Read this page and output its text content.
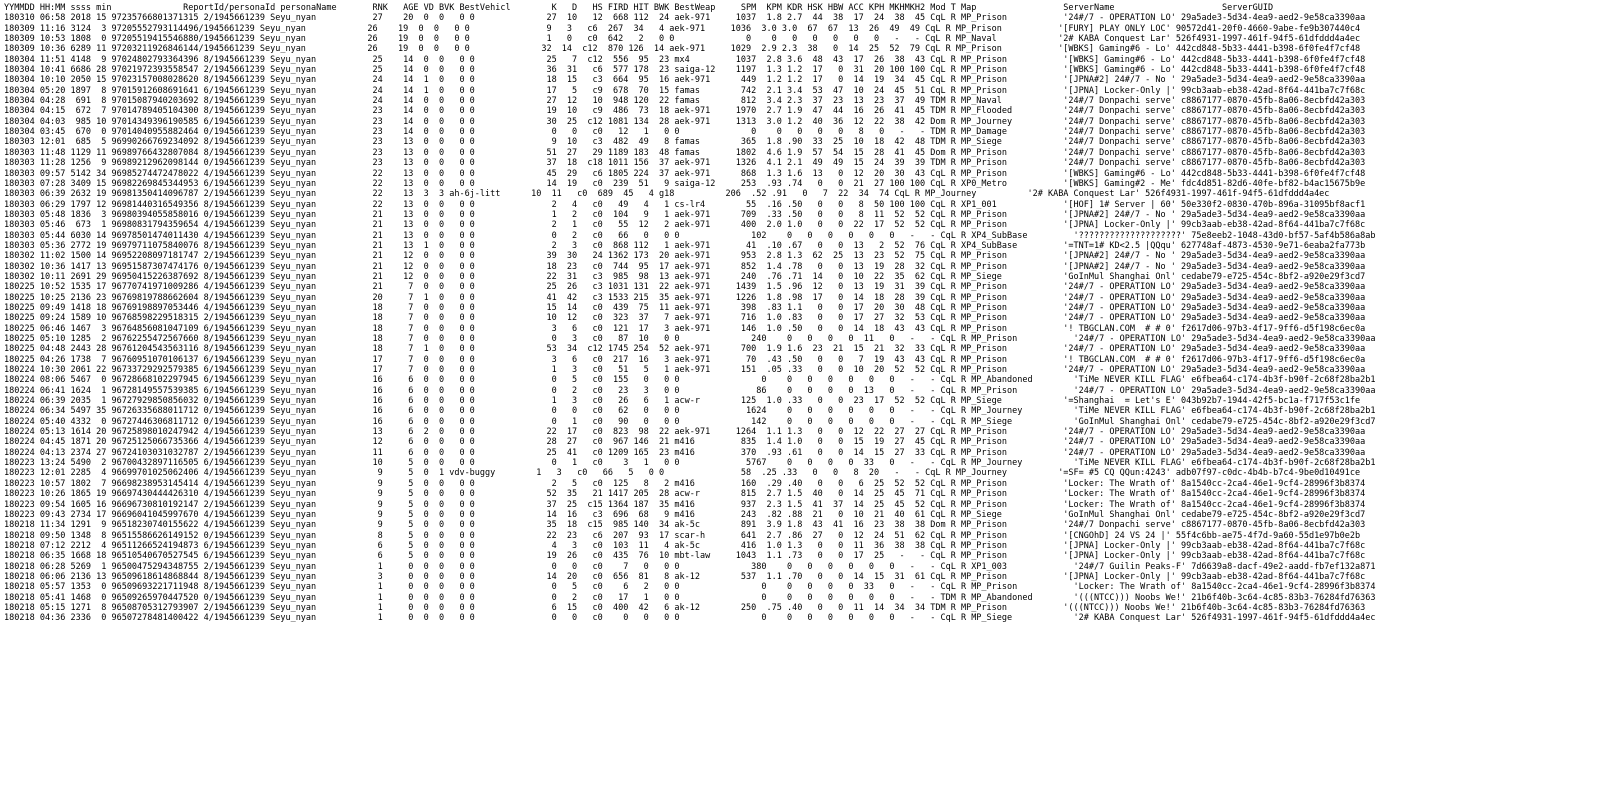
YYMMDD HH:MM ssss min              ReportId/personaId personaName       RNK   AGE VD BVK BestVehicl        K   D   HS FIRD HIT BWK BestWeap     SPM  KPM KDR HSK HBW ACC KPH MKHMKH2 Mod T Map                 ServerName                     ServerGUID
180310 06:58 2018 15 97235766801371315 2/1945661239 Seyu_nyan           27    20  0  0   0 0              27  10   12  668 112  24 aek-971     1037  1.8 2.7  44  38  17  24  38  45 CqL R MP_Prison           '24#/7 - OPERATION LO' 29a5ade3-5d34-4ea9-aed2-9e58ca3390aa
180309 11:16 3124  3 97205552793114496/1945661239 Seyu_nyan            26    19  0  0   0 0               9   3   c6  267  34   4 aek-971     1036  3.0 3.0  67  67  13  26  49  49 CqL R MP_Prison           '[FURY] PLAY ONLY LOC' 90572d41-20f0-4660-9abe-fe9b307440c4
180309 10:53 1808  0 97205519415546880/1945661239 Seyu_nyan            26    19  0  0   0 0               1   0   c0  642   2   0 0              0    0   0   0   0   0   0   -   - CqL R MP_Naval            '2# KABA Conquest Lar' 526f4931-1997-461f-94f5-61dfddd4a4ec
180309 10:36 6289 11 97203211926846144/1945661239 Seyu_nyan            26    19  0  0   0 0              32  14  c12  870 126  14 aek-971     1029  2.9 2.3  38   0  14  25  52  79 CqL R MP_Prison           '[WBKS] Gaming#6 - Lo' 442cd848-5b33-4441-b398-6f0fe4f7cf48
180304 11:51 4148  9 97024802793364396 8/1945661239 Seyu_nyan           25    14  0  0   0 0              25   7  c12  556  95  23 mx4         1037  2.8 3.6  48  43  17  26  38  43 CqL R MP_Prison           '[WBKS] Gaming#6 - Lo' 442cd848-5b33-4441-b398-6f0fe4f7cf48
180304 10:41 6686 28 97021972393558547 2/1945661239 Seyu_nyan           25    14  0  0   0 0              36  31   c6  577 178  23 saiga-12    1197  1.3 1.2  17   0  31  20 100 100 CqL R MP_Prison           '[WBKS] Gaming#6 - Lo' 442cd848-5b33-4441-b398-6f0fe4f7cf48
180304 10:10 2050 15 97023157008028620 8/1945661239 Seyu_nyan           24    14  1  0   0 0              18  15   c3  664  95  16 aek-971      449  1.2 1.2  17   0  14  19  34  45 CqL R MP_Prison           '[JPNA#2] 24#/7 - No ' 29a5ade3-5d34-4ea9-aed2-9e58ca3390aa
180304 05:20 1897  8 97015912608691641 6/1945661239 Seyu_nyan           24    14  1  0   0 0              17   5   c9  678  70  15 famas        742  2.1 3.4  53  47  10  24  45  51 CqL R MP_Prison           '[JPNA] Locker-Only |' 99cb3aab-eb38-42ad-8f64-441ba7c7f68c
180304 04:28  691  8 97015087940203692 8/1945661239 Seyu_nyan           24    14  0  0   0 0              27  12   10  948 120  22 famas        812  3.4 2.3  37  23  13  23  37  49 TDM R MP_Naval            '24#/7 Donpachi serve' c8867177-0870-45fb-8a06-8ecbfd42a303
180304 04:15  672  7 97014789405104300 8/1945661239 Seyu_nyan           23    14  0  0   0 0              19  10   c9  486  73  18 aek-971     1970  2.7 1.9  47  44  16  26  41  45 TDM R MP_Flooded          '24#/7 Donpachi serve' c8867177-0870-45fb-8a06-8ecbfd42a303
180304 04:03  985 10 97014349396190585 6/1945661239 Seyu_nyan           23    14  0  0   0 0              30  25  c12 1081 134  28 aek-971     1313  3.0 1.2  40  36  12  22  38  42 Dom R MP_Journey          '24#/7 Donpachi serve' c8867177-0870-45fb-8a06-8ecbfd42a303
180304 03:45  670  0 97014040955882464 0/1945661239 Seyu_nyan           23    14  0  0   0 0               0   0   c0   12   1   0 0              0    0   0   0   0   8   0   -   - TDM R MP_Damage           '24#/7 Donpachi serve' c8867177-0870-45fb-8a06-8ecbfd42a303
180303 12:01  685  5 96990266769234092 8/1945661239 Seyu_nyan           23    13  0  0   0 0               9  10   c3  482  49   8 famas        365  1.8 .90  33  25  10  18  42  48 TDM R MP_Siege            '24#/7 Donpachi serve' c8867177-0870-45fb-8a06-8ecbfd42a303
180303 11:48 1129 11 96989766432807084 8/1945661239 Seyu_nyan           23    13  0  0   0 0              51  27   29 1189 183  48 famas       1802  4.6 1.9  57  54  15  28  41  45 Dom R MP_Prison           '24#/7 Donpachi serve' c8867177-0870-45fb-8a06-8ecbfd42a303
180303 11:28 1256  9 96989212962098144 0/1945661239 Seyu_nyan           23    13  0  0   0 0              37  18  c18 1011 156  37 aek-971     1326  4.1 2.1  49  49  15  24  39  39 TDM R MP_Prison           '24#/7 Donpachi serve' c8867177-0870-45fb-8a06-8ecbfd42a303
180303 09:57 5142 34 96985274472478022 4/1945661239 Seyu_nyan           22    13  0  0   0 0              45  29   c6 1805 224  37 aek-971      868  1.3 1.6  13   0  12  20  30  43 CqL R MP_Prison           '[WBKS] Gaming#6 - Lo' 442cd848-5b33-4441-b398-6f0fe4f7cf48
180303 07:28 3409 15 96982269845344953 6/1945661239 Seyu_nyan           22    13  0  0   0 0              14  19   c0  239  51   9 saiga-12     253  .93 .74   0   0  21  27 100 100 CqL R XP0_Metro           '[WBKS] Gaming#2 - Me' fdc4d851-82d6-40fe-bf82-b4ac15675b9e
180303 06:39 2632 19 96981350414096787 2/1945661239 Seyu_nyan           22    13  3  3 ah-6j-litt      10  11   c0  689  45   4 g18          206  .52 .91   0   7  22  34  74 CqL R MP_Journey          '2# KABA Conquest Lar' 526f4931-1997-461f-94f5-61dfddd4a4ec
180303 06:29 1797 12 96981440316549356 8/1945661239 Seyu_nyan           22    13  0  0   0 0               2   4   c0   49   4   1 cs-lr4        55  .16 .50   0   0   8  50 100 100 CqL R XP1_001             '[HOF] 1# Server | 60' 50e330f2-0830-470b-896a-31095bf8acf1
180303 05:48 1836  3 96980394055858016 0/1945661239 Seyu_nyan           21    13  0  0   0 0               1   2   c0  104   9   1 aek-971      709  .33 .50   0   0   8  11  52  52 CqL R MP_Prison           '[JPNA#2] 24#/7 - No ' 29a5ade3-5d34-4ea9-aed2-9e58ca3390aa
180303 05:46  673  1 96980831794359654 4/1945661239 Seyu_nyan           21    13  0  0   0 0               2   1   c0   55  12   2 aek-971      400  2.0 1.0   0   0  22  17  52  52 CqL R MP_Prison           '[JPNA] Locker-Only |' 99cb3aab-eb38-42ad-8f64-441ba7c7f68c
180303 05:44 6030 14 96978501474011430 4/1945661239 Seyu_nyan           21    13  0  0   0 0               0   2   c0   66   0   0 0              102    0   0   0   0   0   0   -   - CqL R XP4_SubBase         '????????????????????' 75e8eeb2-1048-43d0-bf57-5af4b586a8ab
180303 05:36 2772 19 96979711075840076 8/1945661239 Seyu_nyan           21    13  1  0   0 0               2   3   c0  868 112   1 aek-971       41  .10 .67   0   0  13   2  52  76 CqL R XP4_SubBase         '=TNT=1# KD<2.5 |QQqu' 627748af-4873-4530-9e71-6eaba2fa773b
180302 11:02 1500 14 96952208097181747 2/1945661239 Seyu_nyan           21    12  0  0   0 0              39  30   24 1362 173  20 aek-971      953  2.8 1.3  62  25  13  23  52  75 CqL R MP_Prison           '[JPNA#2] 24#/7 - No ' 29a5ade3-5d34-4ea9-aed2-9e58ca3390aa
180302 10:36 1417 13 96951587307474176 0/1945661239 Seyu_nyan           21    12  0  0   0 0              18  23   c0  744  95  17 aek-971      852  1.4 .78   0   0  13  19  28  32 CqL R MP_Prison           '[JPNA#2] 24#/7 - No ' 29a5ade3-5d34-4ea9-aed2-9e58ca3390aa
180302 10:11 2691 29 96950415226387692 8/1945661239 Seyu_nyan           21    12  0  0   0 0              22  31   c3  985  98  13 aek-971      240  .76 .71  14   0  10  22  35  62 CqL R MP_Siege            'GoInMul Shanghai Onl' cedabe79-e725-454c-8bf2-a920e29f3cd7
180225 10:52 1535 17 96770741971009286 4/1945661239 Seyu_nyan           21     7  0  0   0 0              25  26   c3 1031 131  22 aek-971     1439  1.5 .96  12   0  13  19  31  39 CqL R MP_Prison           '24#/7 - OPERATION LO' 29a5ade3-5d34-4ea9-aed2-9e58ca3390aa
180225 10:25 2136 23 96769819788662604 8/1945661239 Seyu_nyan           20     7  1  0   0 0              41  42   c3 1533 215  35 aek-971     1226  1.8 .98  17   0  14  18  28  39 CqL R MP_Prison           '24#/7 - OPERATION LO' 29a5ade3-5d34-4ea9-aed2-9e58ca3390aa
180225 09:49 1418 18 96769198897053446 4/1945661239 Seyu_nyan           18     7  0  0   0 0              15  14   c0  439  75  11 aek-971      398  .83 1.1   0   0  17  20  30  48 CqL R MP_Prison           '24#/7 - OPERATION LO' 29a5ade3-5d34-4ea9-aed2-9e58ca3390aa
180225 09:24 1589 10 96768598229518315 2/1945661239 Seyu_nyan           18     7  0  0   0 0              10  12   c0  323  37   7 aek-971      716  1.0 .83   0   0  17  27  32  53 CqL R MP_Prison           '24#/7 - OPERATION LO' 29a5ade3-5d34-4ea9-aed2-9e58ca3390aa
180225 06:46 1467  3 96764856081047109 6/1945661239 Seyu_nyan           18     7  0  0   0 0               3   6   c0  121  17   3 aek-971      146  1.0 .50   0   0  14  18  43  43 CqL R MP_Prison           '! TBGCLAN.COM  # # 0' f2617d06-97b3-4f17-9ff6-d5f198c6ec0a
180225 05:10 1285  2 96762255472567660 8/1945661239 Seyu_nyan           18     7  0  0   0 0               0   3   c0   87  10   0 0              240    0   0   0   0  11   0   -   - CqL R MP_Prison           '24#/7 - OPERATION LO' 29a5ade3-5d34-4ea9-aed2-9e58ca3390aa
180225 04:48 2443 28 96761204543563116 8/1945661239 Seyu_nyan           18     7  1  0   0 0              53  34  c12 1745 254  52 aek-971      700  1.9 1.6  23  21  15  21  32  33 CqL R MP_Prison           '24#/7 - OPERATION LO' 29a5ade3-5d34-4ea9-aed2-9e58ca3390aa
180225 04:26 1738  7 96760951070106137 6/1945661239 Seyu_nyan           17     7  0  0   0 0               3   6   c0  217  16   3 aek-971       70  .43 .50   0   0   7  19  43  43 CqL R MP_Prison           '! TBGCLAN.COM  # # 0' f2617d06-97b3-4f17-9ff6-d5f198c6ec0a
180224 10:30 2061 22 96733729292579385 6/1945661239 Seyu_nyan           17     7  0  0   0 0               1   3   c0   51   5   1 aek-971      151  .05 .33   0   0  10  20  52  52 CqL R MP_Prison           '24#/7 - OPERATION LO' 29a5ade3-5d34-4ea9-aed2-9e58ca3390aa
180224 08:06 5467  0 96728668102297945 6/1945661239 Seyu_nyan           16     6  0  0   0 0               0   5   c0  155   0   0 0                0    0   0   0   0   0   0   -   - CqL R MP_Abandoned        'TiMe NEVER KILL FLAG' e6fbea64-c174-4b3f-b90f-2c68f28ba2b1
180224 06:41 1624  1 96728149557539385 6/1945661239 Seyu_nyan           16     6  0  0   0 0               0   2   c0   23   3   0 0               86    0   0   0   0  13   0   -   - CqL R MP_Prison           '24#/7 - OPERATION LO' 29a5ade3-5d34-4ea9-aed2-9e58ca3390aa
180224 06:39 2035  1 96727929850856032 0/1945661239 Seyu_nyan           16     6  0  0   0 0               1   3   c0   26   6   1 acw-r        125  1.0 .33   0   0  23  17  52  52 CqL R MP_Siege            '=Shanghai  = Let's E' 043b92b7-1944-42f5-bc1a-f717f53c1fe
180224 06:34 5497 35 96726335688011712 0/1945661239 Seyu_nyan           16     6  0  0   0 0               0   0   c0   62   0   0 0             1624    0   0   0   0   0   0   -   - CqL R MP_Journey          'TiMe NEVER KILL FLAG' e6fbea64-c174-4b3f-b90f-2c68f28ba2b1
180224 05:40 4332  0 96727446306811712 0/1945661239 Seyu_nyan           16     6  0  0   0 0               0   1   c0   90   0   0 0              142    0   0   0   0   0   0   -   - CqL R MP_Siege            'GoInMul Shanghai Onl' cedabe79-e725-454c-8bf2-a920e29f3cd7
180224 05:13 1614 20 96725898010247942 4/1945661239 Seyu_nyan           13     6  2  0   0 0              22  17   c0  823  98  22 aek-971     1264  1.1 1.3   0   0  12  22  27  27 CqL R MP_Prison           '24#/7 - OPERATION LO' 29a5ade3-5d34-4ea9-aed2-9e58ca3390aa
180224 04:45 1871 20 96725125066735366 4/1945661239 Seyu_nyan           12     6  0  0   0 0              28  27   c0  967 146  21 m416         835  1.4 1.0   0   0  15  19  27  45 CqL R MP_Prison           '24#/7 - OPERATION LO' 29a5ade3-5d34-4ea9-aed2-9e58ca3390aa
180224 04:13 2374 27 96724103031032787 2/1945661239 Seyu_nyan           11     6  0  0   0 0              25  41   c0 1209 165  23 m416         370  .93 .61   0   0  14  15  27  33 CqL R MP_Prison           '24#/7 - OPERATION LO' 29a5ade3-5d34-4ea9-aed2-9e58ca3390aa
180223 13:24 5490  2 96700432897116505 6/1945661239 Seyu_nyan           10     5  0  0   0 0               0   1   c0    3   1   0 0             5767    0   0   0   0  33   0   -   - CqL R MP_Journey          'TiMe NEVER KILL FLAG' e6fbea64-c174-4b3f-b90f-2c68f28ba2b1
180223 12:01 2285  4 96699701025062406 4/1945661239 Seyu_nyan            9     5  0  1 vdv-buggy        1   3   c0   66   5   0 0               58  .25 .33   0   0   8  20   -   - CqL R MP_Journey          '=SF= #5 CQ QQun:4243' adb07f97-c0dc-4b4b-b7c4-9be0d10491ce
180223 10:57 1802  7 96698238953145414 4/1945661239 Seyu_nyan            9     5  0  0   0 0               2   5   c0  125   8   2 m416         160  .29 .40   0   0   6  25  52  52 CqL R MP_Prison           'Locker: The Wrath of' 8a1540cc-2ca4-46e1-9cf4-28996f3b8374
180223 10:26 1865 19 96697430444426310 4/1945661239 Seyu_nyan            9     5  0  0   0 0              52  35   21 1417 205  28 acw-r        815  2.7 1.5  40   0  14  25  45  71 CqL R MP_Prison           'Locker: The Wrath of' 8a1540cc-2ca4-46e1-9cf4-28996f3b8374
180223 09:54 1605 16 96696730810192147 2/1945661239 Seyu_nyan            9     5  0  0   0 0              37  25  c15 1364 187  35 m416         937  2.3 1.5  41  37  14  25  45  52 CqL R MP_Prison           'Locker: The Wrath of' 8a1540cc-2ca4-46e1-9cf4-28996f3b8374
180223 09:43 2734 17 96696041045997670 4/1945661239 Seyu_nyan            9     5  0  0   0 0              14  16   c3  696  68   9 m416         243  .82 .88  21   0  10  21  40  61 CqL R MP_Siege            'GoInMul Shanghai Onl' cedabe79-e725-454c-8bf2-a920e29f3cd7
180218 11:34 1291  9 96518230740155622 4/1945661239 Seyu_nyan            9     5  0  0   0 0              35  18  c15  985 140  34 ak-5c        891  3.9 1.8  43  41  16  23  38  38 Dom R MP_Prison           '24#/7 Donpachi serve' c8867177-0870-45fb-8a06-8ecbfd42a303
180218 09:50 1348  8 96515586626149152 0/1945661239 Seyu_nyan            8     5  0  0   0 0              22  23   c6  207  93  17 scar-h       641  2.7 .86  27   0  12  24  51  62 CqL R MP_Prison           '[CNGOhD] 24 VS 24 |' 55f4c6bb-ae75-4f7d-9a60-55d1e97b0e2b
180218 07:12 2212  4 96511266524194873 6/1945661239 Seyu_nyan            6     5  0  0   0 0               4   3   c0  103  11   4 ak-5c        416  1.0 1.3   0   0  11  36  38  38 CqL R MP_Prison           '[JPNA] Locker-Only |' 99cb3aab-eb38-42ad-8f64-441ba7c7f68c
180218 06:35 1668 18 96510540670527545 6/1945661239 Seyu_nyan            6     5  0  0   0 0              19  26   c0  435  76  10 mbt-law     1043  1.1 .73   0   0  17  25   -   - CqL R MP_Prison           '[JPNA] Locker-Only |' 99cb3aab-eb38-42ad-8f64-441ba7c7f68c
180218 06:28 5269  1 96500475294348755 2/1945661239 Seyu_nyan            1     0  0  0   0 0               0   0   c0    7   0   0 0              380    0   0   0   0   0   0   -   - CqL R XP1_003             '24#/7 Guilin Peaks-F' 7d6639a8-dacf-49e2-aadd-fb7ef132a871
180218 06:06 2136 13 96509618614868844 8/1945661239 Seyu_nyan            3     0  0  0   0 0              14  20   c0  656  81   8 ak-12        537  1.1 .70   0   0  14  15  31  61 CqL R MP_Prison           '[JPNA] Locker-Only |' 99cb3aab-eb38-42ad-8f64-441ba7c7f68c
180218 05:57 1353  0 96509693221711948 8/1945661239 Seyu_nyan            1     0  0  0   0 0               0   5   c0    6   2   0 0                0    0   0   0   0  33   0   -   - CqL R MP_Prison           'Locker: The Wrath of' 8a1540cc-2ca4-46e1-9cf4-28996f3b8374
180218 05:41 1468  0 96509265970447520 0/1945661239 Seyu_nyan            1     0  0  0   0 0               0   2   c0   17   1   0 0                0    0   0   0   0   0   0   -   - TDM R MP_Abandoned        '(((NTCC))) Noobs We!' 21b6f40b-3c64-4c85-83b3-76284fd76363
180218 05:15 1271  8 96508705312793907 2/1945661239 Seyu_nyan            1     0  0  0   0 0               6  15   c0  400  42   6 ak-12        250  .75 .40   0   0  11  14  34  34 TDM R MP_Prison           '(((NTCC))) Noobs We!' 21b6f40b-3c64-4c85-83b3-76284fd76363
180218 04:36 2336  0 96507278481400422 4/1945661239 Seyu_nyan            1     0  0  0   0 0               0   0   c0    0   0   0 0                0    0   0   0   0   0   0   -   - CqL R MP_Siege            '2# KABA Conquest Lar' 526f4931-1997-461f-94f5-61dfddd4a4ec
